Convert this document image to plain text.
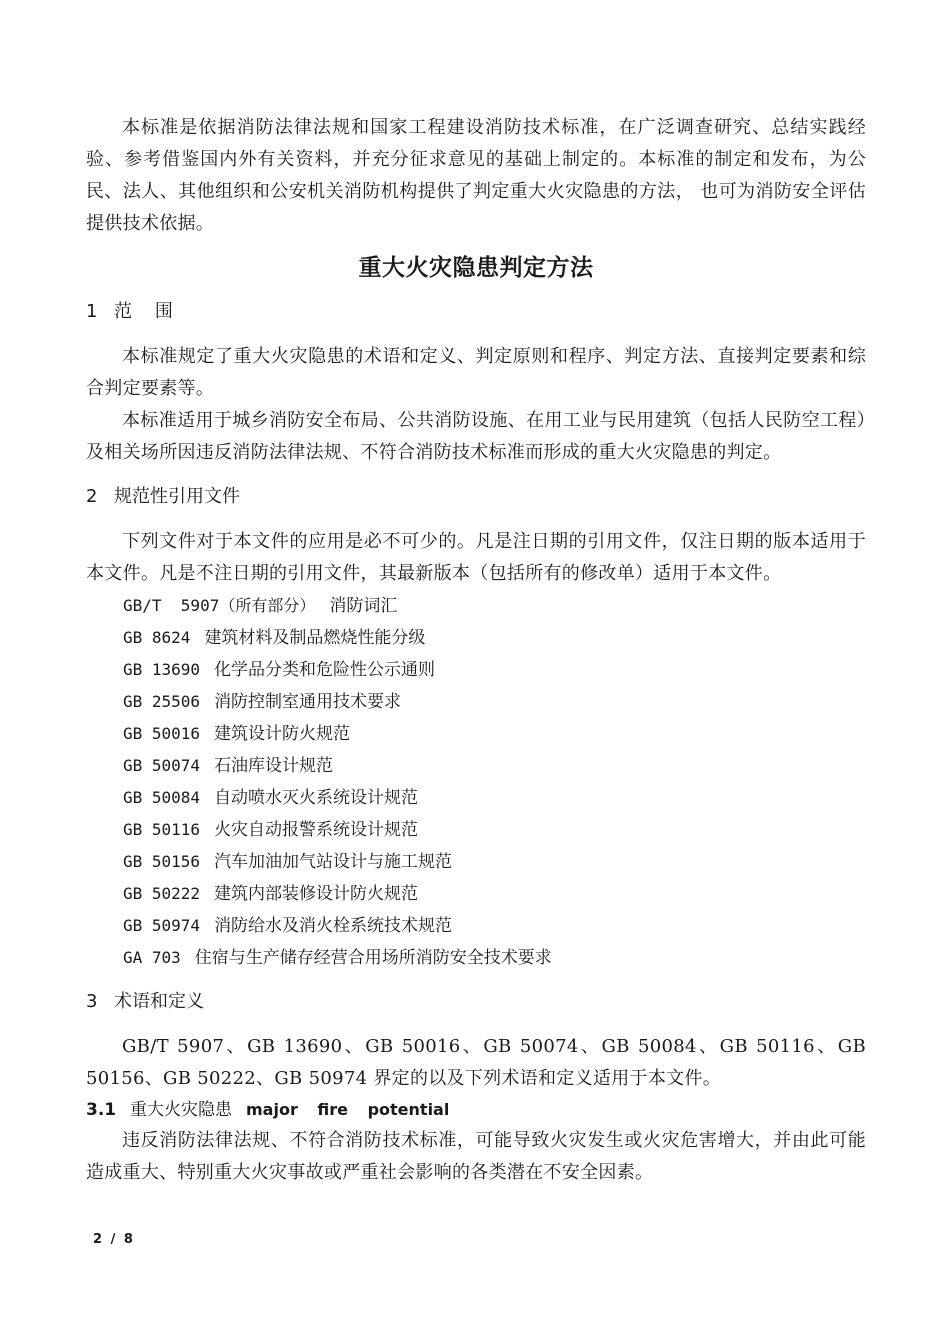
本标准是依据消防法律法规和国家工程建设消防技术标准，在广泛调查研究、总结实践经验、参考借鉴国内外有关资料，并充分征求意见的基础上制定的。本标准的制定和发布，为公民、法人、其他组织和公安机关消防机构提供了判定重大火灾隐患的方法， 也可为消防安全评估提供技术依据。

重大火灾隐患判定方法

1 范    围

本标准规定了重大火灾隐患的术语和定义、判定原则和程序、判定方法、直接判定要素和综合判定要素等。

本标准适用于城乡消防安全布局、公共消防设施、在用工业与民用建筑（包括人民防空工程）及相关场所因违反消防法律法规、不符合消防技术标准而形成的重大火灾隐患的判定。

2 规范性引用文件

下列文件对于本文件的应用是必不可少的。凡是注日期的引用文件，仅注日期的版本适用于本文件。凡是不注日期的引用文件，其最新版本（包括所有的修改单）适用于本文件。

GB/T  5907（所有部分） 消防词汇
GB 8624 建筑材料及制品燃烧性能分级
GB 13690 化学品分类和危险性公示通则
GB 25506 消防控制室通用技术要求
GB 50016 建筑设计防火规范
GB 50074 石油库设计规范
GB 50084 自动喷水灭火系统设计规范
GB 50116 火灾自动报警系统设计规范
GB 50156 汽车加油加气站设计与施工规范
GB 50222 建筑内部装修设计防火规范
GB 50974 消防给水及消火栓系统技术规范
GA 703 住宿与生产储存经营合用场所消防安全技术要求

3 术语和定义

GB/T 5907、GB 13690、GB 50016、GB 50074、GB 50084、GB 50116、GB 50156、GB 50222、GB 50974 界定的以及下列术语和定义适用于本文件。

3.1 重大火灾隐患 major fire potential

违反消防法律法规、不符合消防技术标准，可能导致火灾发生或火灾危害增大，并由此可能造成重大、特别重大火灾事故或严重社会影响的各类潜在不安全因素。

2 / 8
